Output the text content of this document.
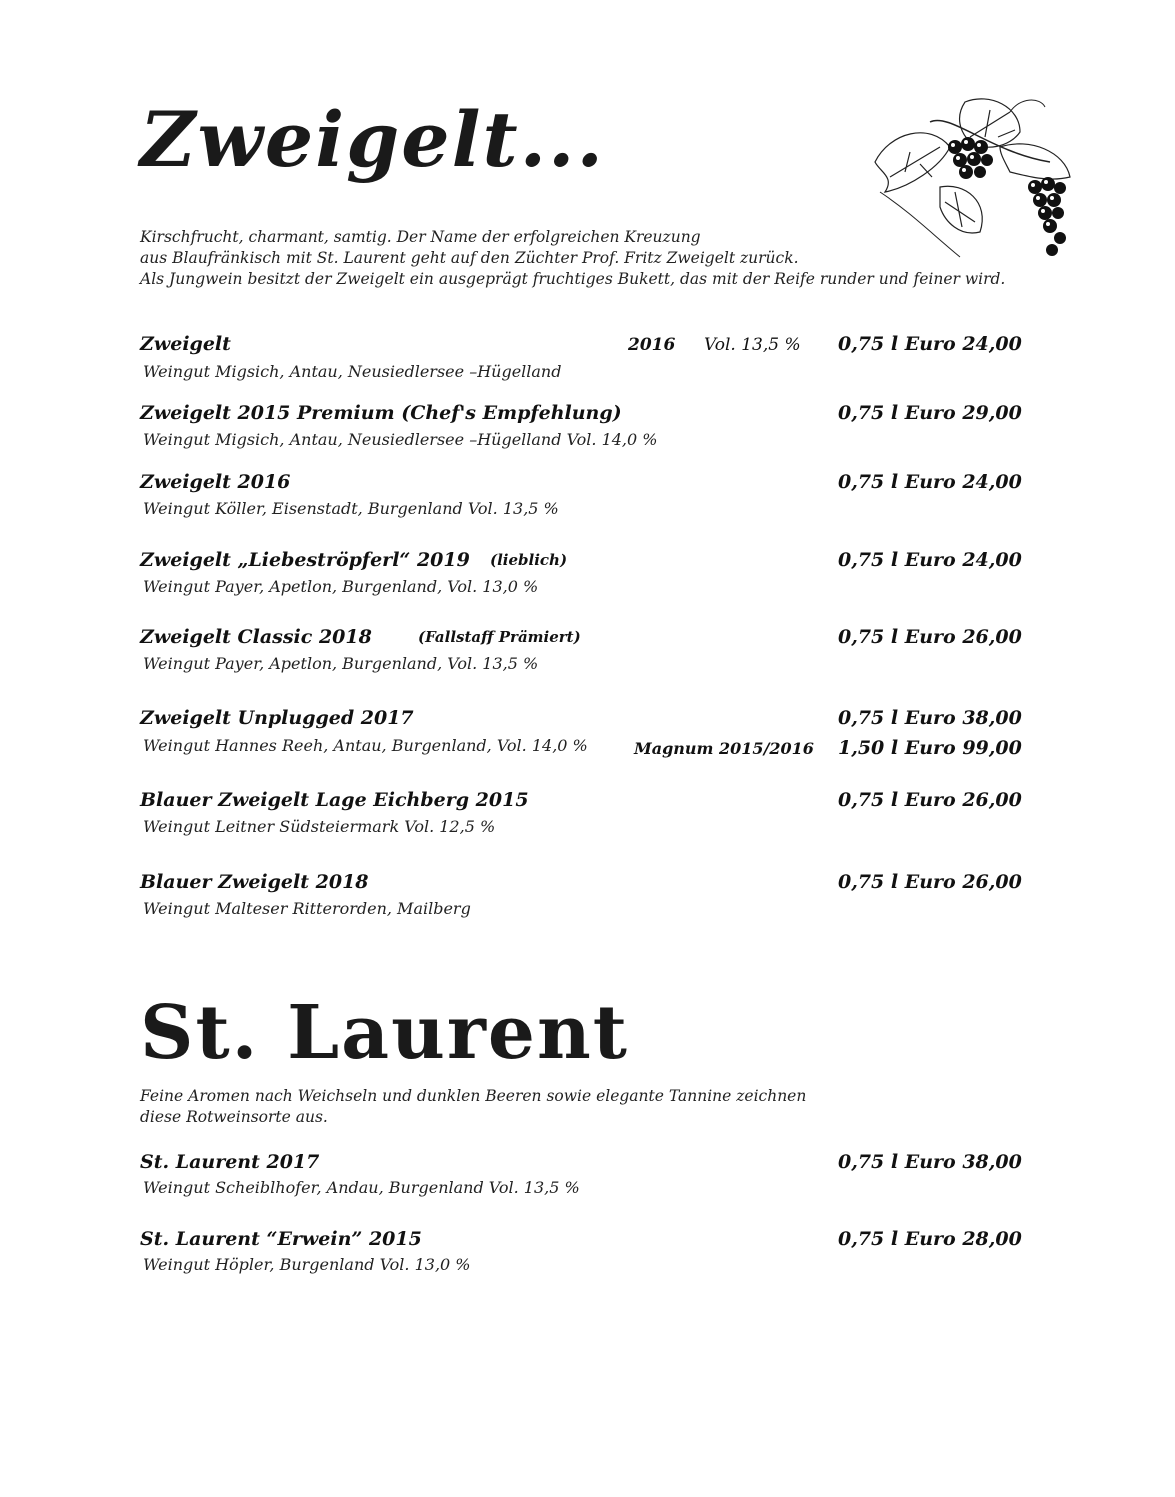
Zweigelt...
Kirschfrucht, charmant, samtig. Der Name der erfolgreichen Kreuzung
aus Blaufränkisch mit St. Laurent geht auf den Züchter Prof. Fritz Zweigelt zurück.
Als Jungwein besitzt der Zweigelt ein ausgeprägt fruchtiges Bukett, das mit der Reife runder und feiner wird.
Zweigelt	2016 Vol. 13,5 % 0,75 l Euro 24,00
Weingut Migsich, Antau, Neusiedlersee –Hügelland
Zweigelt 2015 Premium (Chef's Empfehlung)	0,75 l Euro 29,00
Weingut Migsich, Antau, Neusiedlersee –Hügelland Vol. 14,0 %
Zweigelt 2016	0,75 l Euro 24,00
Weingut Köller, Eisenstadt, Burgenland Vol. 13,5 %
Zweigelt „Liebeströpferl“ 2019 (lieblich)	0,75 l Euro 24,00
Weingut Payer, Apetlon, Burgenland, Vol. 13,0 %
Zweigelt Classic 2018	(Fallstaff Prämiert)	0,75 l Euro 26,00
Weingut Payer, Apetlon, Burgenland, Vol. 13,5 %
Zweigelt Unplugged 2017	0,75 l Euro 38,00
Weingut Hannes Reeh, Antau, Burgenland, Vol. 14,0 %	Magnum 2015/2016 1,50 l Euro 99,00
Blauer Zweigelt Lage Eichberg 2015	0,75 l Euro 26,00
Weingut Leitner Südsteiermark Vol. 12,5 %
Blauer Zweigelt 2018	0,75 l Euro 26,00
Weingut Malteser Ritterorden, Mailberg
St. Laurent
Feine Aromen nach Weichseln und dunklen Beeren sowie elegante Tannine zeichnen
diese Rotweinsorte aus.
St. Laurent 2017	0,75 l Euro 38,00
Weingut Scheiblhofer, Andau, Burgenland Vol. 13,5 %
St. Laurent “Erwein” 2015	0,75 l Euro 28,00
Weingut Höpler, Burgenland Vol. 13,0 %
